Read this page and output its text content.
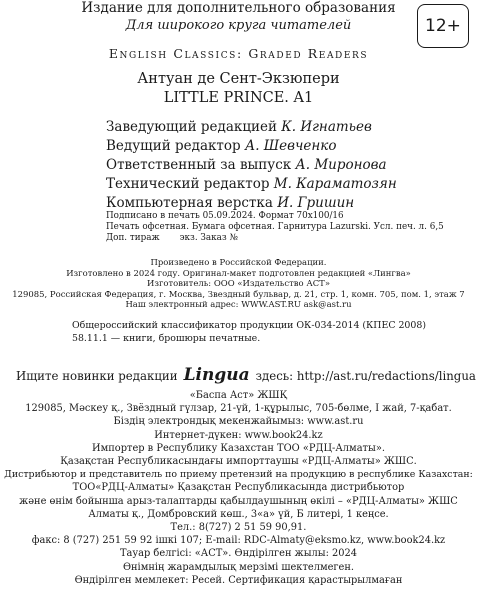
Издание для дополнительного образования
Для широкого круга читателей	12+
English Classics: Graded Readers
Антуан де Сент-Экзюпери
LITTLE PRINCE. A1
Заведующий редакцией К. Игнатьев
Ведущий редактор А. Шевченко
Ответственный за выпуск А. Миронова
Технический редактор М. Караматозян
Компьютерная верстка И. Гришин
Подписано в печать 05.09.2024. Формат 70х100/16
Печать офсетная. Бумага офсетная. Гарнитура Lazurski. Усл. печ. л. 6,5
Доп. тираж экз. Заказ №
Произведено в Российской Федерации.
Изготовлено в 2024 году. Оригинал-макет подготовлен редакцией «Лингва»
Изготовитель: ООО «Издательство АСТ»
129085, Российская Федерация, г. Москва, Звездный бульвар, д. 21, стр. 1, комн. 705, пом. 1, этаж 7
Наш электронный адрес: WWW.AST.RU ask@ast.ru
Общероссийский классификатор продукции ОК-034-2014 (КПЕС 2008)
58.11.1 — книги, брошюры печатные.
Ищите новинки редакции Lingua здесь: http://ast.ru/redactions/lingua
«Баспа Аст» ЖШҚ
129085, Мәскеу қ., Звёздный гүлзар, 21-үй, 1-құрылыс, 705-бөлме, I жай, 7-қабат.
Біздің электрондық мекенжайымыз: www.ast.ru
Интернет-дүкен: www.book24.kz
Импортер в Республику Казахстан ТОО «РДЦ-Алматы».
Қазақстан Республикасындағы импорттаушы «РДЦ-Алматы» ЖШС.
Дистрибьютор и представитель по приему претензий на продукцию в республике Казахстан:
ТОО«РДЦ-Алматы» Қазақстан Республикасында дистрибьютор
және өнім бойынша арыз-талаптарды қабылдаушының өкілі – «РДЦ-Алматы» ЖШС
Алматы қ., Домбровский көш., 3«а» үй, Б литері, 1 кеңсе.
Тел.: 8(727) 2 51 59 90,91.
факс: 8 (727) 251 59 92 ішкі 107; E-mail: RDC-Almaty@eksmo.kz, www.book24.kz
Тауар белгісі: «АСТ». Өндірілген жылы: 2024
Өнімнің жарамдылық мерзімі шектелмеген.
Өндірілген мемлекет: Ресей. Сертификация қарастырылмаған
